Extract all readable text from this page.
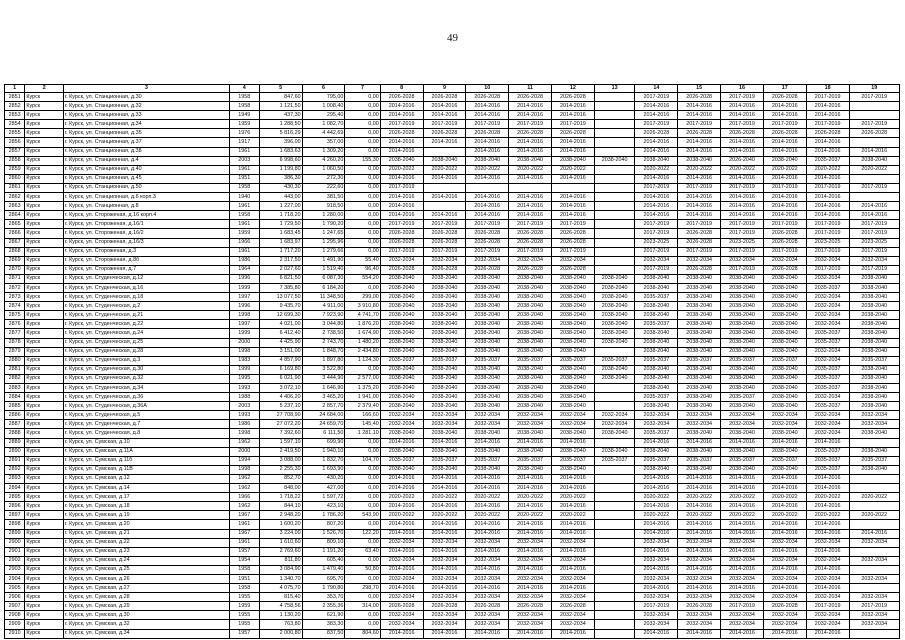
49
1	2	3	4	5	6	7	8	9	10	11	12	13	14	15	16	17	18	19
2851	Курск	г. Курск, ул. Станционная, д.30	1958	847,60	795,00	0,00	2026-2028	2026-2028	2026-2028	2026-2028	2026-2028		2017-2019	2026-2028	2017-2019	2026-2028	2017-2019	2017-2019
2852	Курск	г. Курск, ул. Станционная, д.32	1958	1 121,50	1 008,40	0,00	2014-2016	2014-2016	2014-2016	2014-2016	2014-2016		2014-2016	2014-2016	2014-2016	2014-2016	2014-2016	
2853	Курск	г. Курск, ул. Станционная, д.33	1949	437,30	295,40	0,00	2014-2016	2014-2016	2014-2016	2014-2016	2014-2016		2014-2016	2014-2016	2014-2016	2014-2016	2014-2016	
2854	Курск	г. Курск, ул. Станционная, д.34	1959	1 288,50	1 082,70	0,00	2017-2019	2017-2019	2017-2019	2017-2019	2017-2019		2017-2019	2017-2019	2017-2019	2017-2019	2017-2019	2017-2019
2855	Курск	г. Курск, ул. Станционная, д.35	1976	5 816,29	4 442,69	0,00	2026-2028	2026-2028	2026-2028	2026-2028	2026-2028		2026-2028	2026-2028	2026-2028	2026-2028	2026-2028	2026-2028
2856	Курск	г. Курск, ул. Станционная, д.37	1917	396,00	357,00	0,00	2014-2016	2014-2016	2014-2016	2014-2016	2014-2016		2014-2016	2014-2016	2014-2016	2014-2016	2014-2016	
2857	Курск	г. Курск, ул. Станционная, д.38	1961	1 683,63	1 309,20	0,00	2014-2016		2014-2016	2014-2016	2014-2016		2014-2016	2014-2016	2014-2016	2014-2016	2014-2016	2014-2016
2858	Курск	г. Курск, ул. Станционная, д.4	2003	6 998,60	4 260,20	155,30	2038-2040	2038-2040	2038-2040	2038-2040	2038-2040	2038-2040	2038-2040	2038-2040	2026-2040	2038-2040	2035-2037	2038-2040
2859	Курск	г. Курск, ул. Станционная, д.40	1961	1 199,80	1 060,50	0,00	2020-2022	2020-2022	2020-2022	2020-2022	2020-2022		2020-2022	2020-2022	2020-2022	2020-2022	2020-2022	2020-2022
2860	Курск	г. Курск, ул. Станционная, д.45	1951	386,30	272,30	0,00	2014-2016	2014-2016	2014-2016	2014-2016	2014-2016		2014-2016	2014-2016	2014-2016	2014-2016	2014-2016	
2861	Курск	г. Курск, ул. Станционная, д.50	1958	430,30	222,60	0,00	2017-2019						2017-2019	2017-2019	2017-2019	2017-2019	2017-2019	2017-2019
2862	Курск	г. Курск, ул. Станционная, д.6 корп.3	1940	443,00	381,50	0,00	2014-2016	2014-2016	2014-2016	2014-2016	2014-2016		2014-2016	2014-2016	2014-2016	2014-2016	2014-2016	
2863	Курск	г. Курск, ул. Станционная, д.8	1961	1 227,00	918,50	0,00	2014-2016		2014-2016	2014-2016	2014-2016		2014-2016	2014-2016	2014-2016	2014-2016	2014-2016	2014-2016
2864	Курск	г. Курск, ул. Стороженая, д.16 корп.4	1958	1 718,20	1 280,00	0,00	2014-2016	2014-2016	2014-2016	2014-2016	2014-2016		2014-2016	2014-2016	2014-2016	2014-2016	2014-2016	2014-2016
2865	Курск	г. Курск, ул. Стороженая, д.16/1	1961	1 729,50	1 790,20	0,00	2017-2019	2017-2019	2017-2019	2017-2019	2017-2019		2017-2019	2017-2019	2017-2019	2017-2019	2017-2019	2017-2019
2866	Курск	г. Курск, ул. Стороженая, д.16/2	1959	1 683,45	1 247,65	0,00	2026-2028	2026-2028	2026-2028	2026-2028	2026-2028		2017-2019	2026-2028	2017-2019	2026-2028	2017-2019	2017-2019
2867	Курск	г. Курск, ул. Стороженая, д.16/3	1966	1 683,97	1 295,96	0,00	2026-2028	2026-2028	2026-2028	2026-2028	2026-2028		2023-2025	2026-2028	2023-2025	2026-2028	2023-2025	2023-2025
2868	Курск	г. Курск, ул. Стороженая, д.3	1961	1 717,20	1 279,66	0,00	2017-2019	2017-2019	2017-2019	2017-2019	2017-2019		2017-2019	2017-2019	2017-2019	2017-2019	2017-2019	2017-2019
2869	Курск	г. Курск, ул. Стороженая, д.8б	1986	2 317,50	1 491,90	55,40	2032-2034	2032-2034	2032-2034	2032-2034	2032-2034		2032-2034	2032-2034	2032-2034	2032-2034	2032-2034	2032-2034
2870	Курск	г. Курск, ул. Стороженая, д.7	1964	2 027,60	1 519,40	96,40	2026-2028	2026-2028	2026-2028	2026-2028	2026-2028		2017-2019	2026-2028	2017-2019	2026-2028	2017-2019	2017-2019
2871	Курск	г. Курск, ул. Студенческая, д.12	1996	6 821,50	6 087,30	554,20	2038-2040	2038-2040	2038-2040	2038-2040	2038-2040	2038-2040	2038-2040	2038-2040	2038-2040	2038-2040	2032-2034	2038-2040
2872	Курск	г. Курск, ул. Студенческая, д.16	1999	7 385,80	6 184,20	0,00	2038-2040	2038-2040	2038-2040	2038-2040	2038-2040	2038-2040	2038-2040	2038-2040	2038-2040	2038-2040	2035-2037	2038-2040
2873	Курск	г. Курск, ул. Студенческая, д.18	1997	13 077,50	11 348,50	299,00	2038-2040	2038-2040	2038-2040	2038-2040	2038-2040	2038-2040	2035-2037	2038-2040	2038-2040	2038-2040	2032-2034	2038-2040
2874	Курск	г. Курск, ул. Студенческая, д.2	1996	9 435,70	4 911,00	3 910,80	2038-2040	2038-2040	2038-2040	2038-2040	2038-2040	2038-2040	2038-2040	2038-2040	2038-2040	2038-2040	2032-2034	2038-2040
2875	Курск	г. Курск, ул. Студенческая, д.21	1998	12 699,30	7 923,90	4 741,70	2038-2040	2038-2040	2038-2040	2038-2040	2038-2040	2038-2040	2038-2040	2038-2040	2038-2040	2038-2040	2032-2034	2038-2040
2876	Курск	г. Курск, ул. Студенческая, д.22	1997	4 021,00	3 044,80	1 876,20	2038-2040	2038-2040	2038-2040	2038-2040	2038-2040	2038-2040	2035-2037	2038-2040	2038-2040	2038-2040	2032-2034	2038-2040
2877	Курск	г. Курск, ул. Студенческая, д.24	1999	6 412,40	2 738,50	1 674,90	2038-2040	2038-2040	2038-2040	2038-2040	2038-2040	2038-2040	2038-2040	2038-2040	2038-2040	2038-2040	2035-2037	2038-2040
2878	Курск	г. Курск, ул. Студенческая, д.25	2000	4 425,90	2 743,70	1 480,20	2038-2040	2038-2040	2038-2040	2038-2040	2038-2040	2038-2040	2038-2040	2038-2040	2038-2040	2038-2040	2035-2037	2038-2040
2879	Курск	г. Курск, ул. Студенческая, д.28	1998	3 151,00	1 848,70	2 434,80	2038-2040	2038-2040	2038-2040	2038-2040	2038-2040		2038-2040	2038-2040	2038-2040	2038-2040	2032-2034	2038-2040
2880	Курск	г. Курск, ул. Студенческая, д.3	1983	4 857,90	1 897,80	1 124,30	2035-2037	2035-2037	2035-2037	2035-2037	2035-2037	2035-2037	2035-2037	2035-2037	2035-2037	2035-2037	2032-2034	2035-2037
2881	Курск	г. Курск, ул. Студенческая, д.30	1999	6 169,80	3 522,80	0,00	2038-2040	2038-2040	2038-2040	2038-2040	2038-2040	2038-2040	2038-2040	2038-2040	2038-2040	2038-2040	2035-2037	2038-2040
2882	Курск	г. Курск, ул. Студенческая, д.32	1995	6 021,90	3 444,90	2 577,00	2038-2040	2038-2040	2038-2040	2038-2040	2038-2040	2038-2040	2038-2040	2038-2040	2038-2040	2038-2040	2035-2037	2038-2040
2883	Курск	г. Курск, ул. Студенческая, д.34	1993	3 072,10	1 646,90	1 375,20	2038-2040	2038-2040	2038-2040	2038-2040	2038-2040		2038-2040	2038-2040	2038-2040	2038-2040	2035-2037	2038-2040
2884	Курск	г. Курск, ул. Студенческая, д.36	1988	4 406,20	3 465,20	1 941,00	2038-2040	2038-2040	2038-2040	2038-2040	2038-2040		2035-2037	2038-2040	2035-2037	2038-2040	2032-2034	2038-2040
2885	Курск	г. Курск, ул. Студенческая, д.36А	2003	5 237,10	2 857,70	2 379,40	2038-2040	2038-2040	2038-2040	2038-2040	2038-2040		2038-2040	2038-2040	2038-2040	2038-2040	2035-2037	2038-2040
2886	Курск	г. Курск, ул. Студенческая, д.5	1993	27 708,90	24 684,00	166,60	2032-2034	2032-2034	2032-2034	2032-2034	2032-2034	2032-2034	2032-2034	2032-2034	2032-2034	2032-2034	2032-2034	2032-2034
2887	Курск	г. Курск, ул. Студенческая, д.7	1986	27 072,20	24 659,70	145,40	2032-2034	2032-2034	2032-2034	2032-2034	2032-2034	2032-2034	2032-2034	2032-2034	2032-2034	2032-2034	2032-2034	2032-2034
2888	Курск	г. Курск, ул. Студенческая, д.8	1998	7 392,60	6 111,50	1 281,10	2038-2040	2038-2040	2038-2040	2038-2040	2038-2040	2038-2040	2035-2037	2038-2040	2038-2040	2038-2040	2032-2034	2038-2040
2889	Курск	г. Курск, ул. Сумская, д.10	1962	1 597,10	699,90	0,00	2014-2016	2014-2016	2014-2016	2014-2016	2014-2016		2014-2016	2014-2016	2014-2016	2014-2016	2014-2016	
2890	Курск	г. Курск, ул. Сумская, д.11А	2000	2 419,50	1 940,10	0,00	2038-2040	2038-2040	2038-2040	2038-2040	2038-2040	2038-2040	2038-2040	2038-2040	2038-2040	2038-2040	2035-2037	2038-2040
2891	Курск	г. Курск, ул. Сумская, д.11б	1994	3 088,00	1 832,70	104,70	2035-2037	2035-2037	2035-2037	2035-2037	2035-2037	2035-2037	2035-2037	2035-2037	2035-2037	2035-2037	2035-2037	2035-2037
2892	Курск	г. Курск, ул. Сумская, д.11В	1998	2 255,30	1 693,90	0,00	2038-2040	2038-2040	2038-2040	2038-2040	2038-2040		2038-2040	2038-2040	2038-2040	2038-2040	2035-2037	2038-2040
2893	Курск	г. Курск, ул. Сумская, д.12	1962	852,70	430,20	0,00	2014-2016	2014-2016	2014-2016	2014-2016	2014-2016		2014-2016	2014-2016	2014-2016	2014-2016	2014-2016	
2894	Курск	г. Курск, ул. Сумская, д.14	1962	848,00	427,00	0,00	2014-2016	2014-2016	2014-2016	2014-2016	2014-2016		2014-2016	2014-2016	2014-2016	2014-2016	2014-2016	
2895	Курск	г. Курск, ул. Сумская, д.17	1966	1 718,22	1 597,72	0,00	2020-2022	2020-2022	2020-2022	2020-2022	2020-2022		2020-2022	2020-2022	2020-2022	2020-2022	2020-2022	2020-2022
2896	Курск	г. Курск, ул. Сумская, д.18	1962	844,10	423,10	0,00	2014-2016	2014-2016	2014-2016	2014-2016	2014-2016		2014-2016	2014-2016	2014-2016	2014-2016	2014-2016	
2897	Курск	г. Курск, ул. Сумская, д.19	1967	2 948,20	1 786,20	543,90	2020-2022	2020-2022	2020-2022	2020-2022	2020-2022		2020-2022	2020-2022	2020-2022	2020-2022	2020-2022	2020-2022
2898	Курск	г. Курск, ул. Сумская, д.20	1961	1 600,20	807,20	0,00	2014-2016	2014-2016	2014-2016	2014-2016	2014-2016		2014-2016	2014-2016	2014-2016	2014-2016	2014-2016	
2899	Курск	г. Курск, ул. Сумская, д.21	1967	3 224,00	1 526,70	122,20	2014-2016	2014-2016	2014-2016	2014-2016	2014-2016		2014-2016	2014-2016	2014-2016	2014-2016	2014-2016	2014-2016
2900	Курск	г. Курск, ул. Сумская, д.22	1961	1 610,60	809,10	0,00	2032-2034	2032-2034	2032-2034	2032-2034	2032-2034		2032-2034	2032-2034	2032-2034	2032-2034	2032-2034	2032-2034
2901	Курск	г. Курск, ул. Сумская, д.23	1957	2 769,60	1 191,20	63,40	2014-2016	2014-2016	2014-2016	2014-2016	2014-2016		2014-2016	2014-2016	2014-2016	2014-2016	2014-2016	
2902	Курск	г. Курск, ул. Сумская, д.24	1954	811,80	605,40	0,00	2032-2034	2032-2034	2032-2034	2032-2034	2032-2034		2032-2034	2032-2034	2032-2034	2032-2034	2032-2034	2032-2034
2903	Курск	г. Курск, ул. Сумская, д.25	1958	3 084,90	1 479,40	50,80	2014-2016	2014-2016	2014-2016	2014-2016	2014-2016		2014-2016	2014-2016	2014-2016	2014-2016	2014-2016	
2904	Курск	г. Курск, ул. Сумская, д.26	1951	1 340,70	695,70	0,00	2032-2034	2032-2034	2032-2034	2032-2034	2032-2034		2032-2034	2032-2034	2032-2034	2032-2034	2032-2034	2032-2034
2905	Курск	г. Курск, ул. Сумская, д.27	1958	4 075,70	1 790,80	298,70	2014-2016	2014-2016	2014-2016	2014-2016	2014-2016		2014-2016	2014-2016	2014-2016	2014-2016	2014-2016	
2906	Курск	г. Курск, ул. Сумская, д.28	1955	815,40	353,70	0,00	2032-2034	2032-2034	2032-2034	2032-2034	2032-2034		2032-2034	2032-2034	2032-2034	2032-2034	2032-2034	2032-2034
2907	Курск	г. Курск, ул. Сумская, д.29	1959	4 758,56	2 355,36	314,00	2026-2028	2026-2028	2026-2028	2026-2028	2026-2028		2017-2019	2026-2028	2017-2019	2026-2028	2017-2019	2017-2019
2908	Курск	г. Курск, ул. Сумская, д.30	1955	1 130,20	621,90	0,00	2032-2034	2032-2034	2032-2034	2032-2034	2032-2034		2032-2034	2032-2034	2032-2034	2032-2034	2032-2034	2032-2034
2909	Курск	г. Курск, ул. Сумская, д.32	1955	763,80	383,30	0,00	2032-2034	2032-2034	2032-2034	2032-2034	2032-2034		2032-2034	2032-2034	2032-2034	2032-2034	2032-2034	2032-2034
2910	Курск	г. Курск, ул. Сумская, д.34	1957	2 000,80	837,50	804,60	2014-2016	2014-2016	2014-2016	2014-2016	2014-2016		2014-2016	2014-2016	2014-2016	2014-2016	2014-2016	
